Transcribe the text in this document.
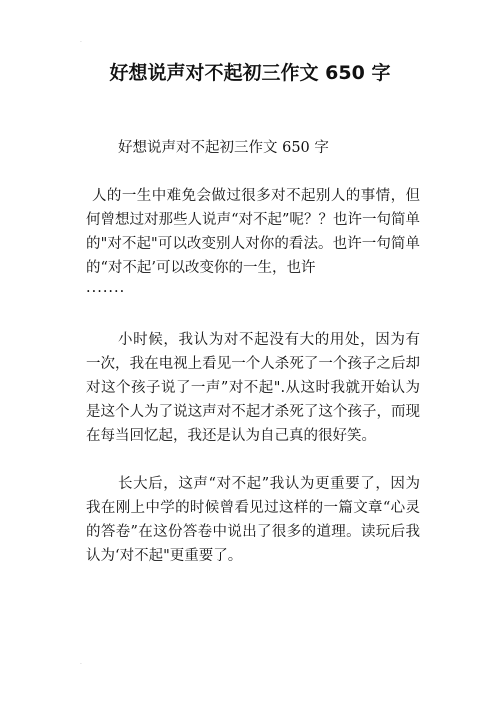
·
好想说声对不起初三作文 650 字

好想说声对不起初三作文 650 字

人的一生中难免会做过很多对不起别人的事情，但何曾想过对那些人说声“对不起”呢？？也许一句简单的"对不起"可以改变别人对你的看法。也许一句简单的“对不起’可以改变你的一生，也许
·······

小时候，我认为对不起没有大的用处，因为有一次，我在电视上看见一个人杀死了一个孩子之后却对这个孩子说了一声”对不起".从这时我就开始认为是这个人为了说这声对不起才杀死了这个孩子，而现在每当回忆起，我还是认为自己真的很好笑。

长大后，这声“对不起”我认为更重要了，因为我在刚上中学的时候曾看见过这样的一篇文章“心灵的答卷”在这份答卷中说出了很多的道理。读玩后我认为‘对不起"更重要了。

·
